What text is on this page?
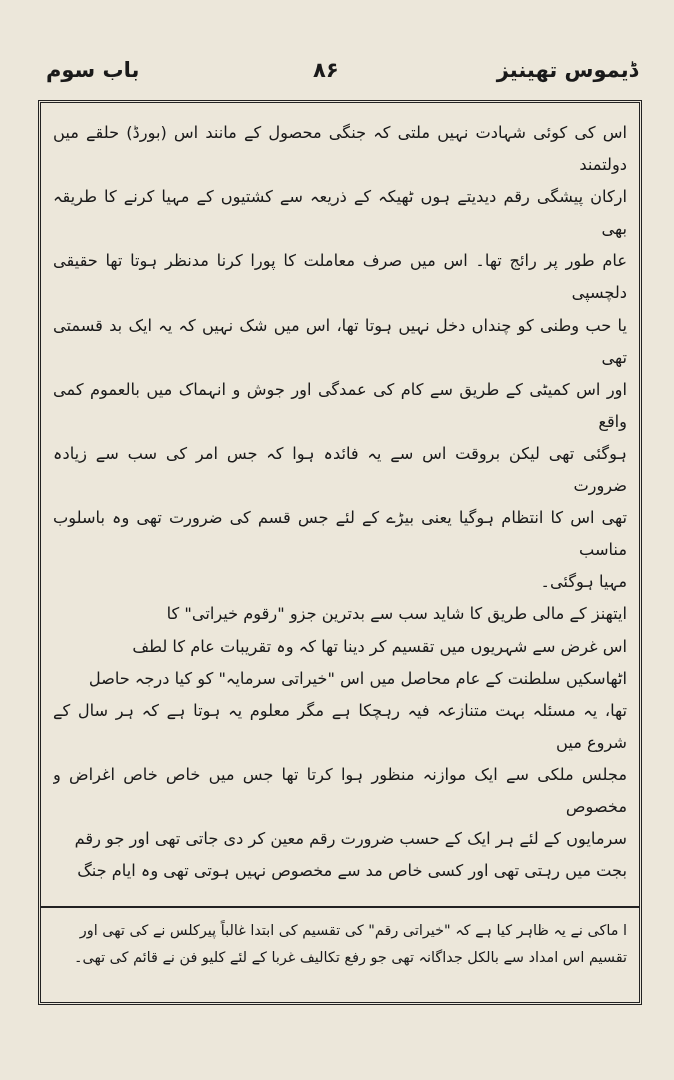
ڈیموس تھینیز
۸۶
باب سوم

اس کی کوئی شہادت نہیں ملتی کہ جنگی محصول کے مانند اس (بورڈ) حلقے میں دولتمند

ارکان پیشگی رقم دیدیتے ہوں ٹھیکہ کے ذریعہ سے کشتیوں کے مہیا کرنے کا طریقہ بھی

عام طور پر رائج تھا۔ اس میں صرف معاملت کا پورا کرنا مدنظر ہوتا تھا حقیقی دلچسپی

یا حب وطنی کو چنداں دخل نہیں ہوتا تھا، اس میں شک نہیں کہ یہ ایک بد قسمتی تھی

اور اس کمیٹی کے طریق سے کام کی عمدگی اور جوش و انہماک میں بالعموم کمی واقع

ہوگئی تھی لیکن بروقت اس سے یہ فائدہ ہوا کہ جس امر کی سب سے زیادہ ضرورت

تھی اس کا انتظام ہوگیا یعنی بیڑے کے لئے جس قسم کی ضرورت تھی وہ باسلوب مناسب

مہیا ہوگئی۔

ایتھنز کے مالی طریق کا شاید سب سے بدترین جزو "رقوم خیراتی" کا

اس غرض سے شہریوں میں تقسیم کر دینا تھا کہ وہ تقریبات عام کا لطف

اٹھاسکیں سلطنت کے عام محاصل میں اس "خیراتی سرمایہ" کو کیا درجہ حاصل

تھا، یہ مسئلہ بہت متنازعہ فیہ رہچکا ہے مگر معلوم یہ ہوتا ہے کہ ہر سال کے شروع میں

مجلس ملکی سے ایک موازنہ منظور ہوا کرتا تھا جس میں خاص خاص اغراض و مخصوص

سرمایوں کے لئے ہر ایک کے حسب ضرورت رقم معین کر دی جاتی تھی اور جو رقم

بجت میں رہتی تھی اور کسی خاص مد سے مخصوص نہیں ہوتی تھی وہ ایام جنگ

ا ماکی نے یہ ظاہر کیا ہے کہ "خیراتی رقم" کی تقسیم کی ابتدا غالباً پیرکلس نے کی تھی اور

تقسیم اس امداد سے بالکل جداگانہ تھی جو رفع تکالیف غربا کے لئے کلیو فن نے قائم کی تھی۔
